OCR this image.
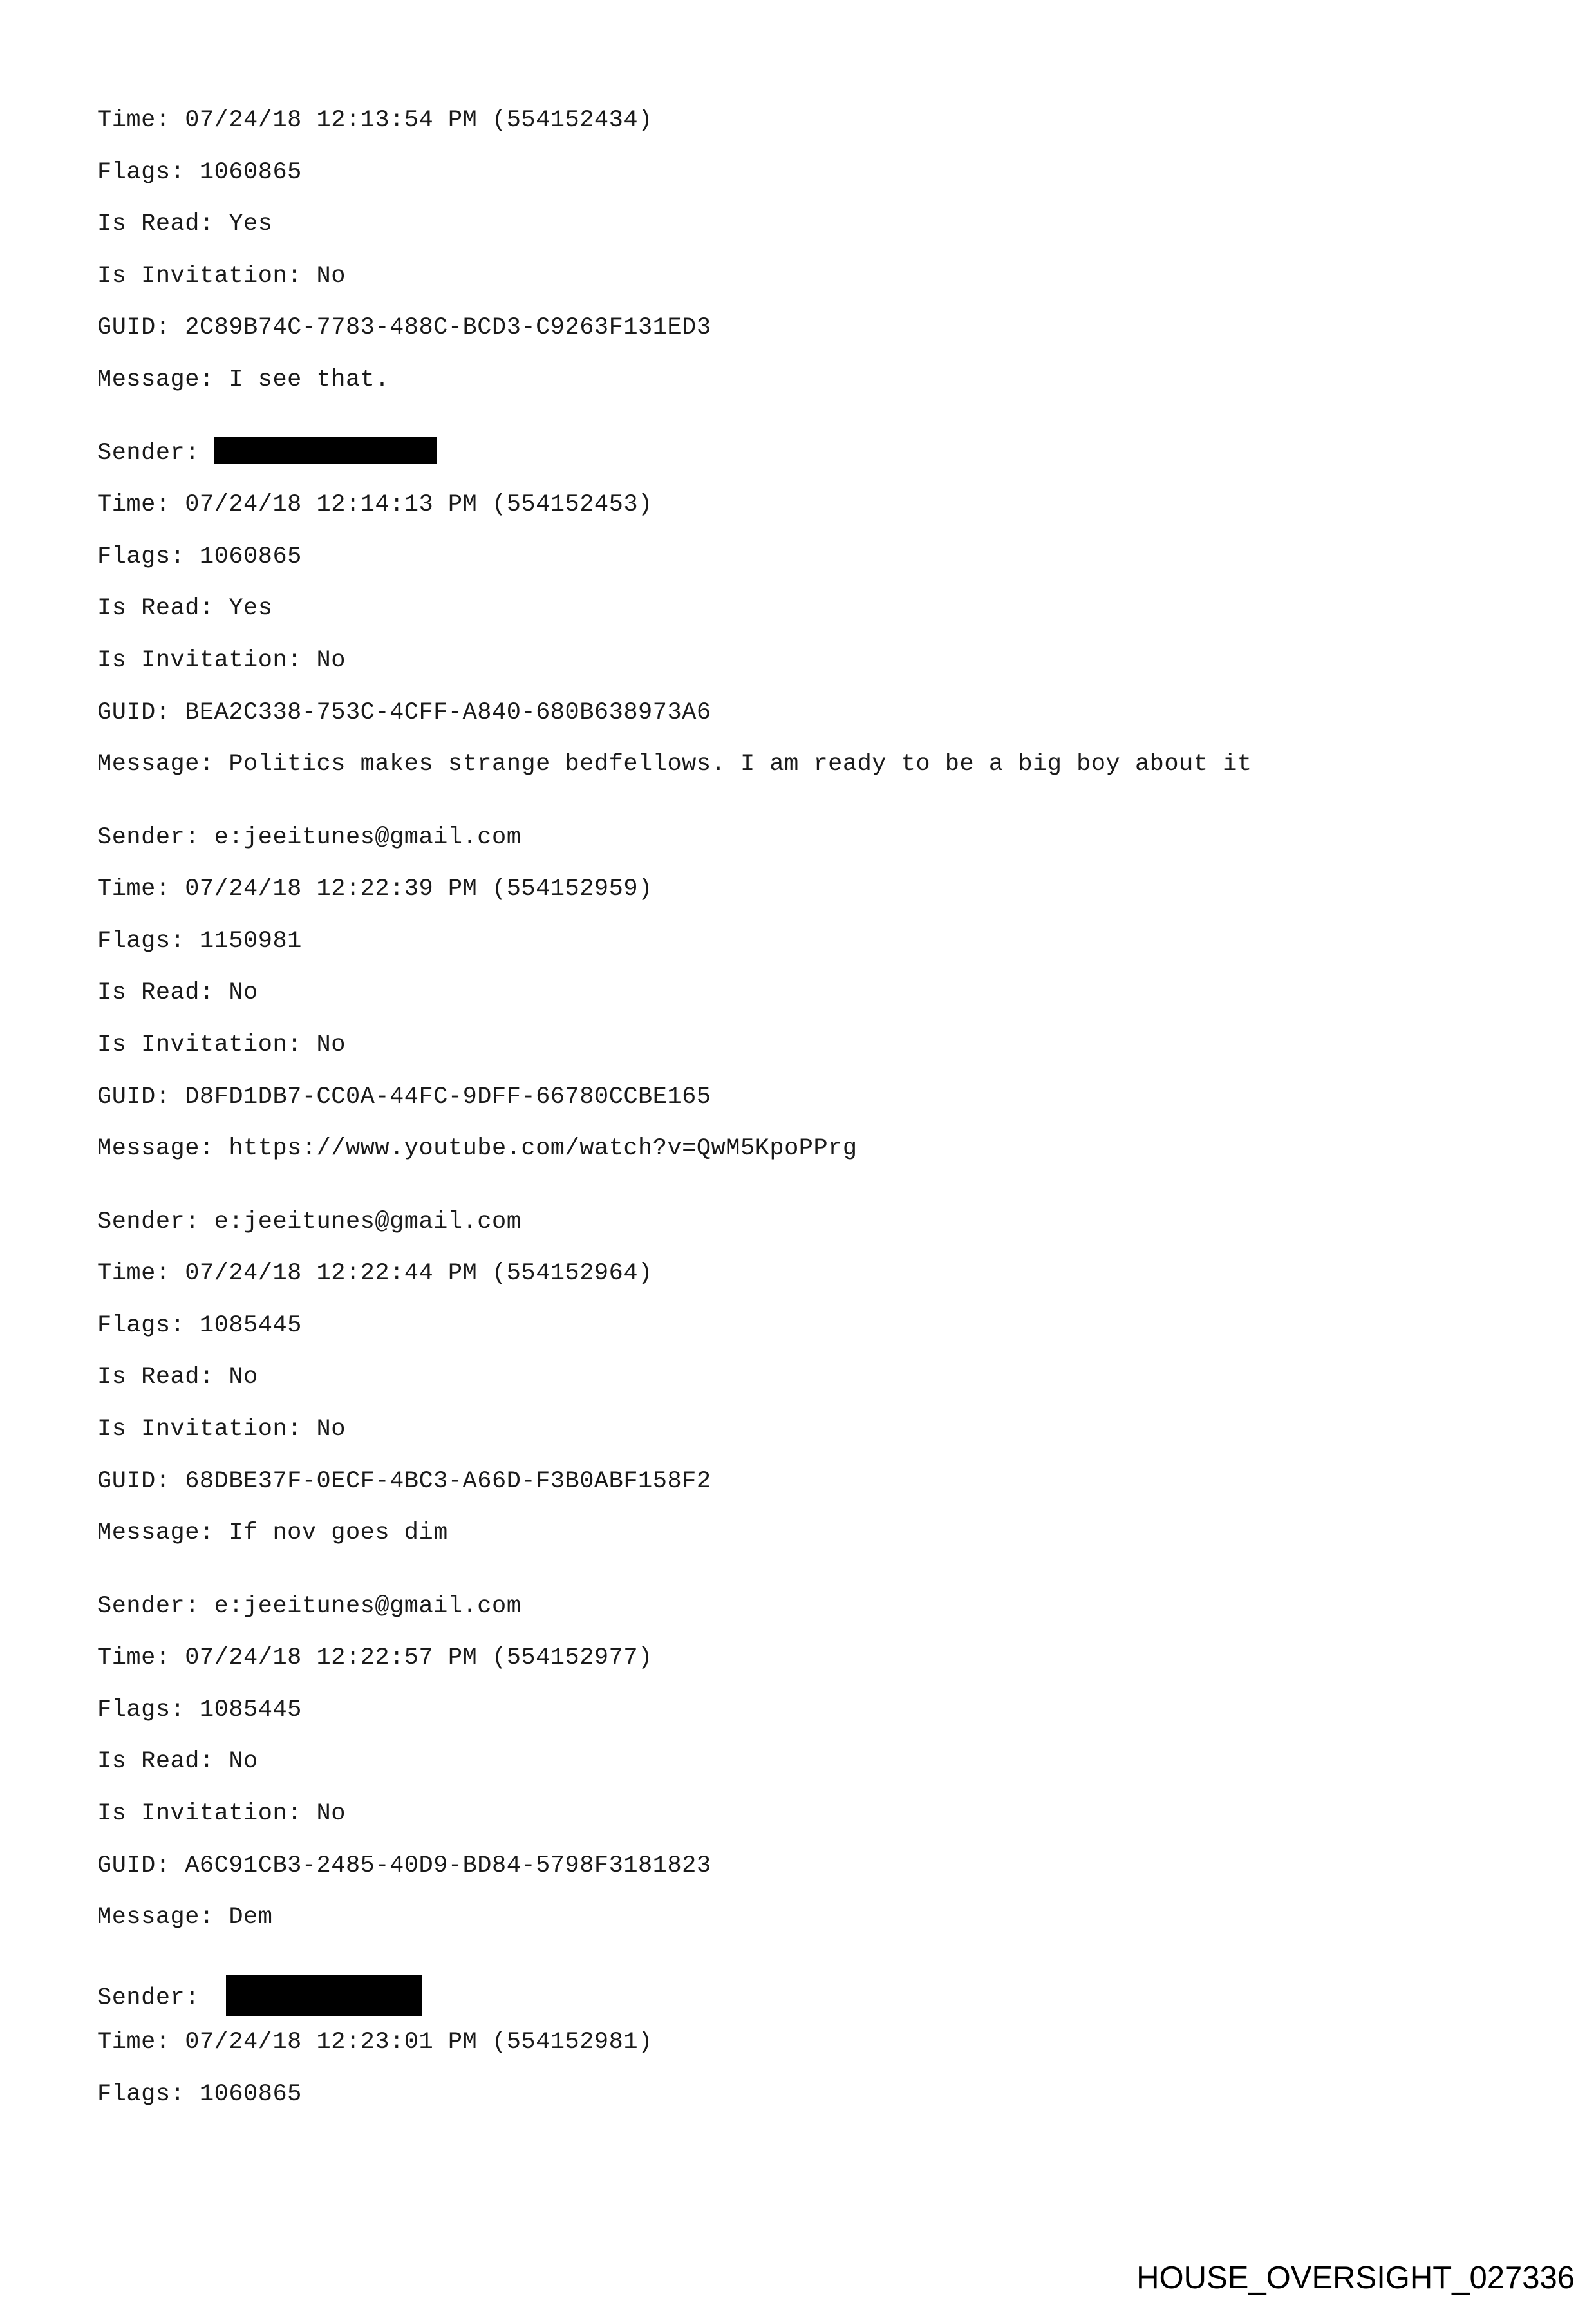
Time: 07/24/18 12:13:54 PM (554152434)
Flags: 1060865
Is Read: Yes
Is Invitation: No
GUID: 2C89B74C-7783-488C-BCD3-C9263F131ED3
Message: I see that.
Sender:
Time: 07/24/18 12:14:13 PM (554152453)
Flags: 1060865
Is Read: Yes
Is Invitation: No
GUID: BEA2C338-753C-4CFF-A840-680B638973A6
Message: Politics makes strange bedfellows. I am ready to be a big boy about it
Sender: e:jeeitunes@gmail.com
Time: 07/24/18 12:22:39 PM (554152959)
Flags: 1150981
Is Read: No
Is Invitation: No
GUID: D8FD1DB7-CC0A-44FC-9DFF-66780CCBE165
Message: https://www.youtube.com/watch?v=QwM5KpoPPrg
Sender: e:jeeitunes@gmail.com
Time: 07/24/18 12:22:44 PM (554152964)
Flags: 1085445
Is Read: No
Is Invitation: No
GUID: 68DBE37F-0ECF-4BC3-A66D-F3B0ABF158F2
Message: If nov goes dim
Sender: e:jeeitunes@gmail.com
Time: 07/24/18 12:22:57 PM (554152977)
Flags: 1085445
Is Read: No
Is Invitation: No
GUID: A6C91CB3-2485-40D9-BD84-5798F3181823
Message: Dem
Sender:
Time: 07/24/18 12:23:01 PM (554152981)
Flags: 1060865
HOUSE_OVERSIGHT_027336
